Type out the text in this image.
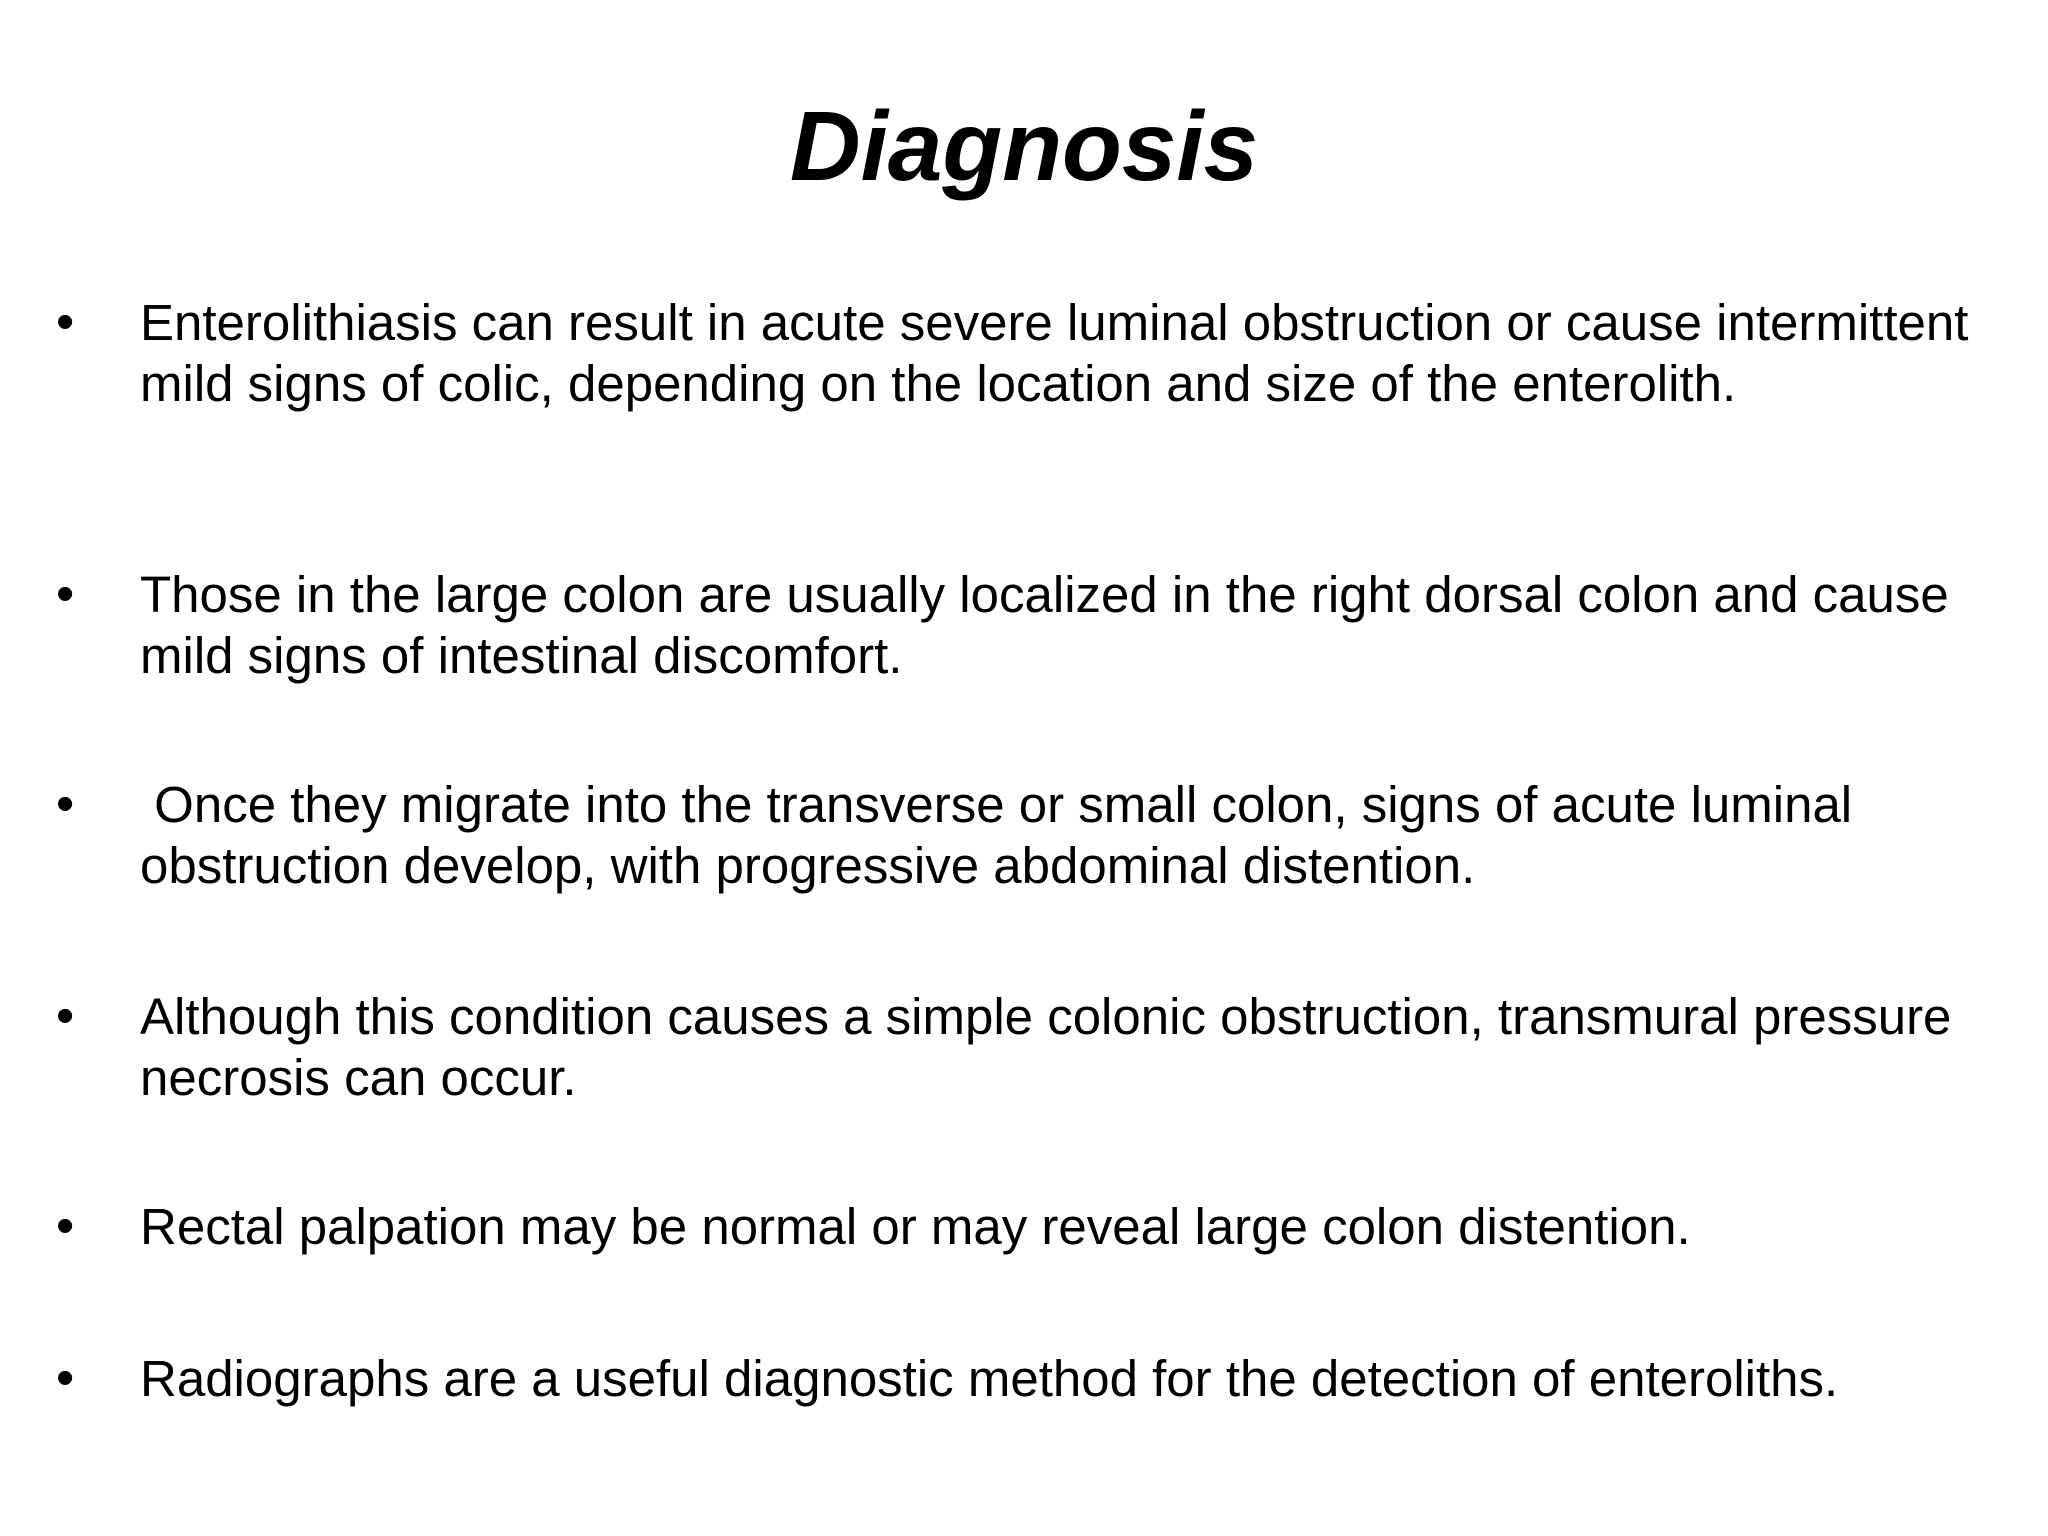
Diagnosis
• Enterolithiasis can result in acute severe luminal obstruction or cause intermittent mild signs of colic, depending on the location and size of the enterolith.
• Those in the large colon are usually localized in the right dorsal colon and cause mild signs of intestinal discomfort.
• Once they migrate into the transverse or small colon, signs of acute luminal obstruction develop, with progressive abdominal distention.
• Although this condition causes a simple colonic obstruction, transmural pressure necrosis can occur.
• Rectal palpation may be normal or may reveal large colon distention.
• Radiographs are a useful diagnostic method for the detection of enteroliths.
